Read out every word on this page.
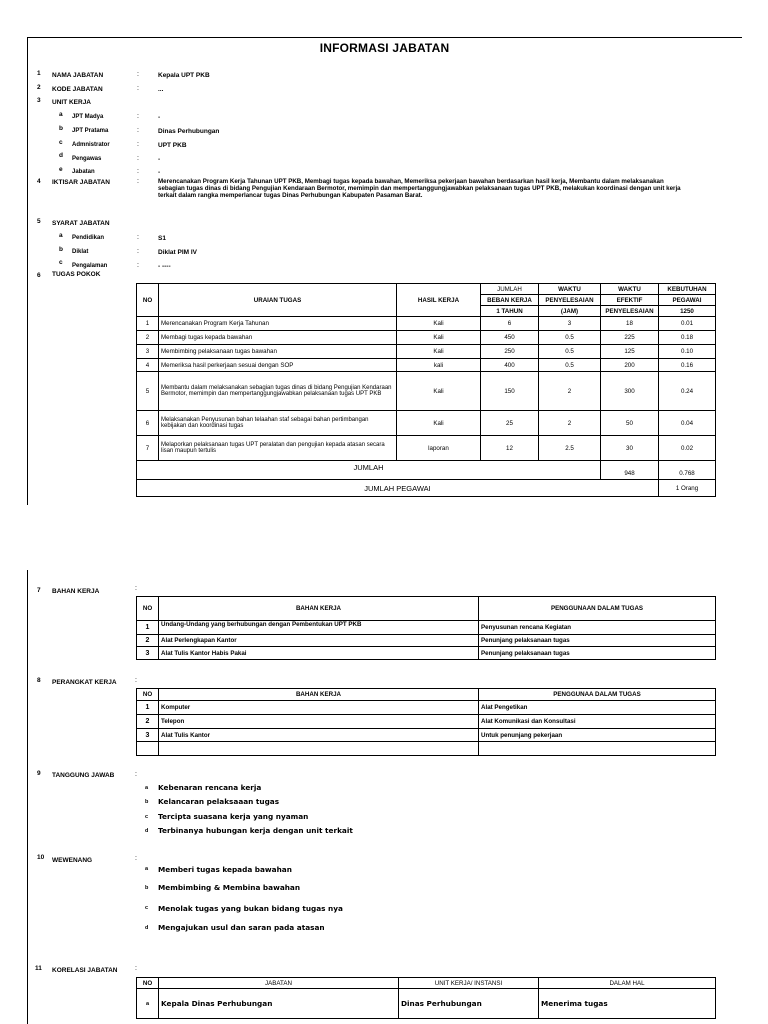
INFORMASI JABATAN
1 NAMA JABATAN	:	Kepala UPT PKB
2 KODE JABATAN	:	...
3 UNIT KERJA
a JPT Madya	:	-
b JPT Pratama	:	Dinas Perhubungan
c Admnistrator	:	UPT PKB
d Pengawas	:	-
e Jabatan	:	-
4 IKTISAR JABATAN	:	Merencanakan Program Kerja Tahunan UPT PKB, Membagi tugas kepada bawahan, Memeriksa pekerjaan bawahan berdasarkan hasil kerja, Membantu dalam melaksanakan
sebagian tugas dinas di bidang Pengujian Kendaraan Bermotor, memimpin dan mempertanggungjawabkan pelaksanaan tugas UPT PKB, melakukan koordinasi dengan unit kerja
terkait dalam rangka memperlancar tugas Dinas Perhubungan Kabupaten Pasaman Barat.
5 SYARAT JABATAN
a Pendidikan	:	S1
b Diklat	:	Diklat PIM IV
c Pengalaman	:	- ----
6 TUGAS POKOK
NO	URAIAN TUGAS	HASIL KERJA	JUMLAH	WAKTU	WAKTU	KEBUTUHAN
			BEBAN KERJA	PENYELESAIAN	EFEKTIF	PEGAWAI
			1 TAHUN	(JAM)	PENYELESAIAN	1250
1	Merencanakan Program Kerja Tahunan	Kali	6	3	18	0.01
2	Membagi tugas kepada bawahan	Kali	450	0.5	225	0.18
3	Membimbing pelaksanaan tugas bawahan	Kali	250	0.5	125	0.10
4	Memeriksa hasil perkerjaan sesuai dengan SOP	kali	400	0.5	200	0.16
5	Membantu dalam melaksanakan sebagian tugas dinas di bidang Pengujian Kendaraan Bermotor, memimpin dan mempertanggungjawabkan pelaksanaan tugas UPT PKB	Kali	150	2	300	0.24
6	Melaksanakan Penyusunan bahan telaahan staf sebagai bahan pertimbangan kebijakan dan koordinasi tugas	Kali	25	2	50	0.04
7	Melaporkan pelaksanaan tugas UPT peralatan dan pengujian kepada atasan secara lisan maupun tertulis	laporan	12	2.5	30	0.02
JUMLAH					948	0.768
JUMLAH PEGAWAI						1 Orang
7 BAHAN KERJA	:
NO	BAHAN KERJA	PENGGUNAAN DALAM TUGAS
1	Undang-Undang yang berhubungan dengan Pembentukan UPT PKB	Penyusunan rencana Kegiatan
2	Alat Perlengkapan Kantor	Penunjang pelaksanaan tugas
3	Alat Tulis Kantor Habis Pakai	Penunjang pelaksanaan tugas
8 PERANGKAT KERJA	:
NO	BAHAN KERJA	PENGGUNAA DALAM TUGAS
1	Komputer	Alat Pengetikan
2	Telepon	Alat Komunikasi dan Konsultasi
3	Alat Tulis Kantor	Untuk penunjang pekerjaan

9 TANGGUNG JAWAB	:
a Kebenaran rencana kerja
b Kelancaran pelaksaaan tugas
c Tercipta suasana kerja yang nyaman
d Terbinanya hubungan kerja dengan unit terkait
10 WEWENANG	:
a Memberi tugas kepada bawahan
b Membimbing & Membina bawahan
c Menolak tugas yang bukan bidang tugas nya
d Mengajukan usul dan saran pada atasan
11 KORELASI JABATAN	:
NO	JABATAN	UNIT KERJA/ INSTANSI	DALAM HAL
a	Kepala Dinas Perhubungan	Dinas Perhubungan	Menerima tugas
